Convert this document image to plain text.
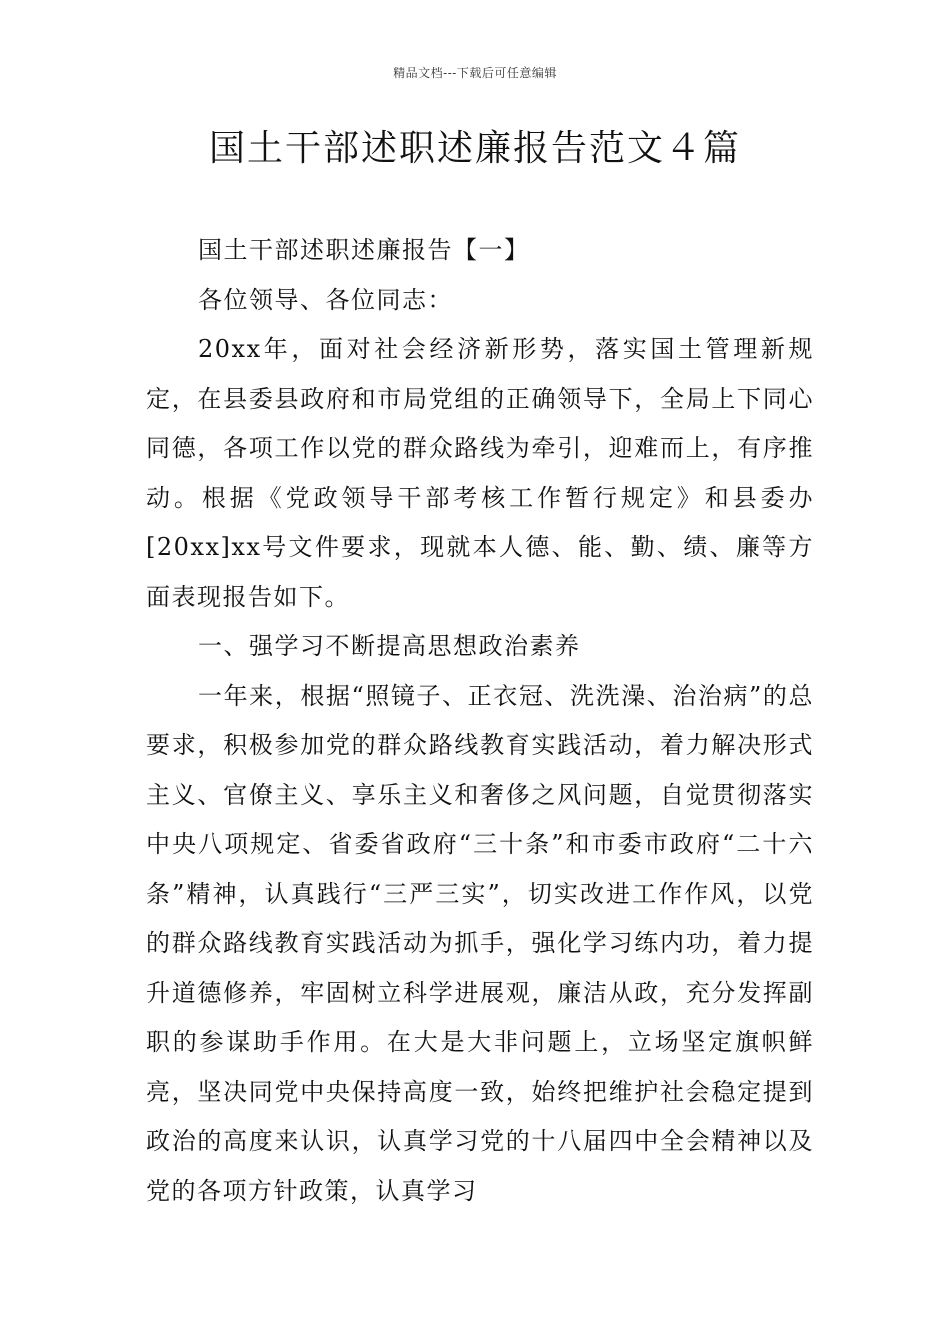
精品文档---下载后可任意编辑
国土干部述职述廉报告范文４篇

国土干部述职述廉报告【一】

各位领导、各位同志：

20xx年，面对社会经济新形势，落实国土管理新规定，在县委县政府和市局党组的正确领导下，全局上下同心同德，各项工作以党的群众路线为牵引，迎难而上，有序推动。根据《党政领导干部考核工作暂行规定》和县委办[20xx]xx号文件要求，现就本人德、能、勤、绩、廉等方面表现报告如下。

一、强学习不断提高思想政治素养

一年来，根据“照镜子、正衣冠、洗洗澡、治治病”的总要求，积极参加党的群众路线教育实践活动，着力解决形式主义、官僚主义、享乐主义和奢侈之风问题，自觉贯彻落实中央八项规定、省委省政府“三十条”和市委市政府“二十六条”精神，认真践行“三严三实”，切实改进工作作风，以党的群众路线教育实践活动为抓手，强化学习练内功，着力提升道德修养，牢固树立科学进展观，廉洁从政，充分发挥副职的参谋助手作用。在大是大非问题上，立场坚定旗帜鲜亮，坚决同党中央保持高度一致，始终把维护社会稳定提到政治的高度来认识，认真学习党的十八届四中全会精神以及党的各项方针政策，认真学习
